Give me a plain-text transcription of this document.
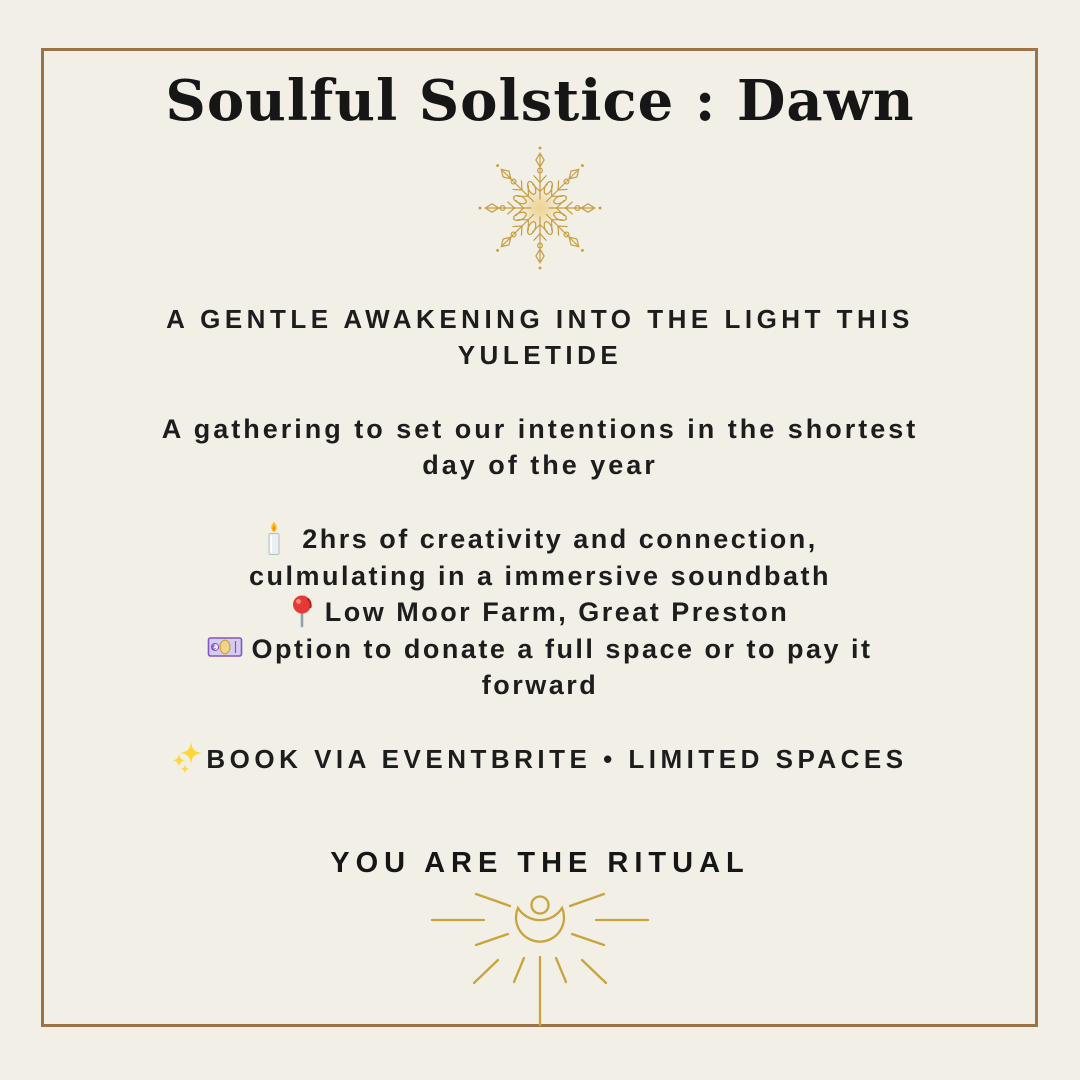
Soulful Solstice : Dawn
A GENTLE AWAKENING INTO THE LIGHT THIS
YULETIDE
A gathering to set our intentions in the shortest
day of the year
2hrs of creativity and connection,
culmulating in a immersive soundbath
Low Moor Farm, Great Preston
£ Option to donate a full space or to pay it
forward
BOOK VIA EVENTBRITE • LIMITED SPACES
YOU ARE THE RITUAL
